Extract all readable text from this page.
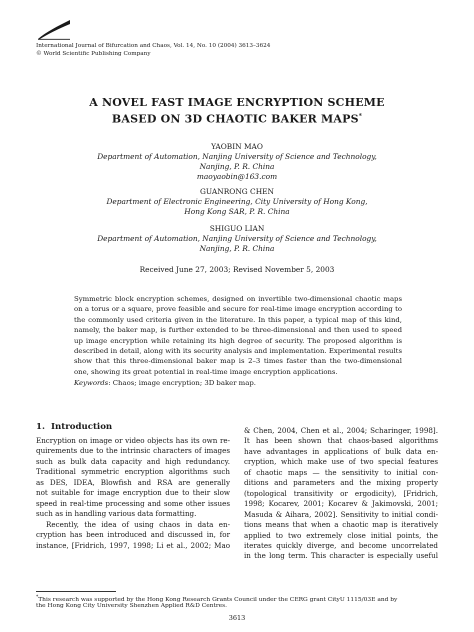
International Journal of Bifurcation and Chaos, Vol. 14, No. 10 (2004) 3613–3624
© World Scientific Publishing Company
A NOVEL FAST IMAGE ENCRYPTION SCHEME
BASED ON 3D CHAOTIC BAKER MAPS*
YAOBIN MAO
Department of Automation, Nanjing University of Science and Technology,
Nanjing, P. R. China
maoyaobin@163.com
GUANRONG CHEN
Department of Electronic Engineering, City University of Hong Kong,
Hong Kong SAR, P. R. China
SHIGUO LIAN
Department of Automation, Nanjing University of Science and Technology,
Nanjing, P. R. China
Received June 27, 2003; Revised November 5, 2003
Symmetric block encryption schemes, designed on invertible two-dimensional chaotic maps on a torus or a square, prove feasible and secure for real-time image encryption according to the commonly used criteria given in the literature. In this paper, a typical map of this kind, namely, the baker map, is further extended to be three-dimensional and then used to speed up image encryption while retaining its high degree of security. The proposed algorithm is described in detail, along with its security analysis and implementation. Experimental results show that this three-dimensional baker map is 2–3 times faster than the two-dimensional one, showing its great potential in real-time image encryption applications.
Keywords: Chaos; image encryption; 3D baker map.
1. Introduction
Encryption on image or video objects has its own re-
quirements due to the intrinsic characters of images
such as bulk data capacity and high redundancy.
Traditional symmetric encryption algorithms such
as DES, IDEA, Blowfish and RSA are generally
not suitable for image encryption due to their slow
speed in real-time processing and some other issues
such as in handling various data formatting.
Recently, the idea of using chaos in data en-
cryption has been introduced and discussed in, for
instance, [Fridrich, 1997, 1998; Li et al., 2002; Mao
& Chen, 2004, Chen et al., 2004; Scharinger, 1998].
It has been shown that chaos-based algorithms
have advantages in applications of bulk data en-
cryption, which make use of two special features
of chaotic maps — the sensitivity to initial con-
ditions and parameters and the mixing property
(topological transitivity or ergodicity), [Fridrich,
1998; Kocarev, 2001; Kocarev & Jakimovski, 2001;
Masuda & Aihara, 2002]. Sensitivity to initial condi-
tions means that when a chaotic map is iteratively
applied to two extremely close initial points, the
iterates quickly diverge, and become uncorrelated
in the long term. This character is especially useful
*This research was supported by the Hong Kong Research Grants Council under the CERG grant CityU 1115/03E and by
the Hong Kong City University Shenzhen Applied R&D Centres.
3613
